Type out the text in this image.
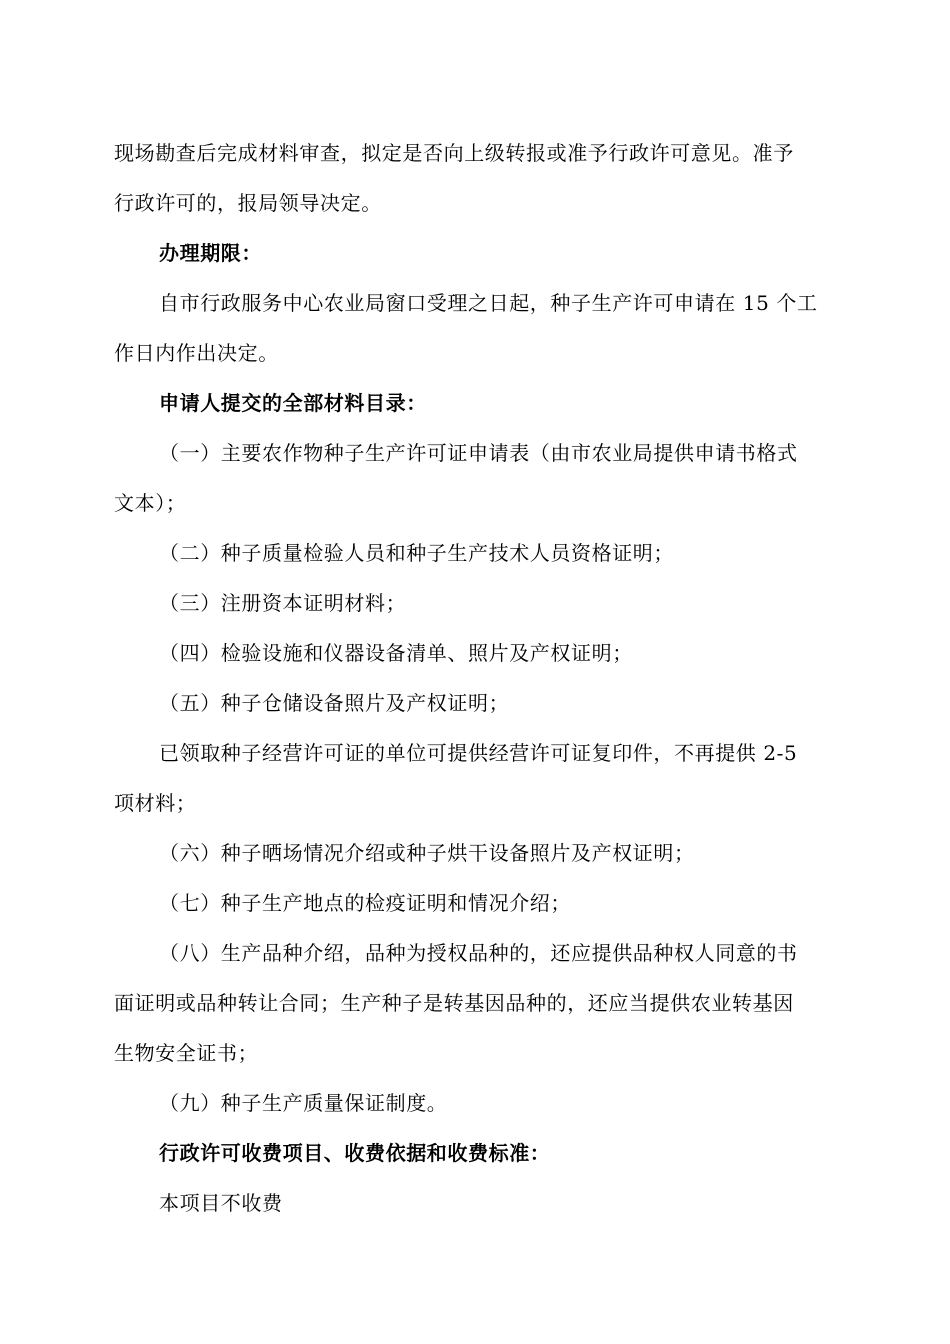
现场勘查后完成材料审查，拟定是否向上级转报或准予行政许可意见。准予
行政许可的，报局领导决定。
办理期限：
自市行政服务中心农业局窗口受理之日起，种子生产许可申请在 15 个工
作日内作出决定。
申请人提交的全部材料目录：
（一）主要农作物种子生产许可证申请表（由市农业局提供申请书格式
文本）；
（二）种子质量检验人员和种子生产技术人员资格证明；
（三）注册资本证明材料；
（四）检验设施和仪器设备清单、照片及产权证明；
（五）种子仓储设备照片及产权证明；
已领取种子经营许可证的单位可提供经营许可证复印件，不再提供 2-5
项材料；
（六）种子晒场情况介绍或种子烘干设备照片及产权证明；
（七）种子生产地点的检疫证明和情况介绍；
（八）生产品种介绍，品种为授权品种的，还应提供品种权人同意的书
面证明或品种转让合同；生产种子是转基因品种的，还应当提供农业转基因
生物安全证书；
（九）种子生产质量保证制度。
行政许可收费项目、收费依据和收费标准：
本项目不收费
